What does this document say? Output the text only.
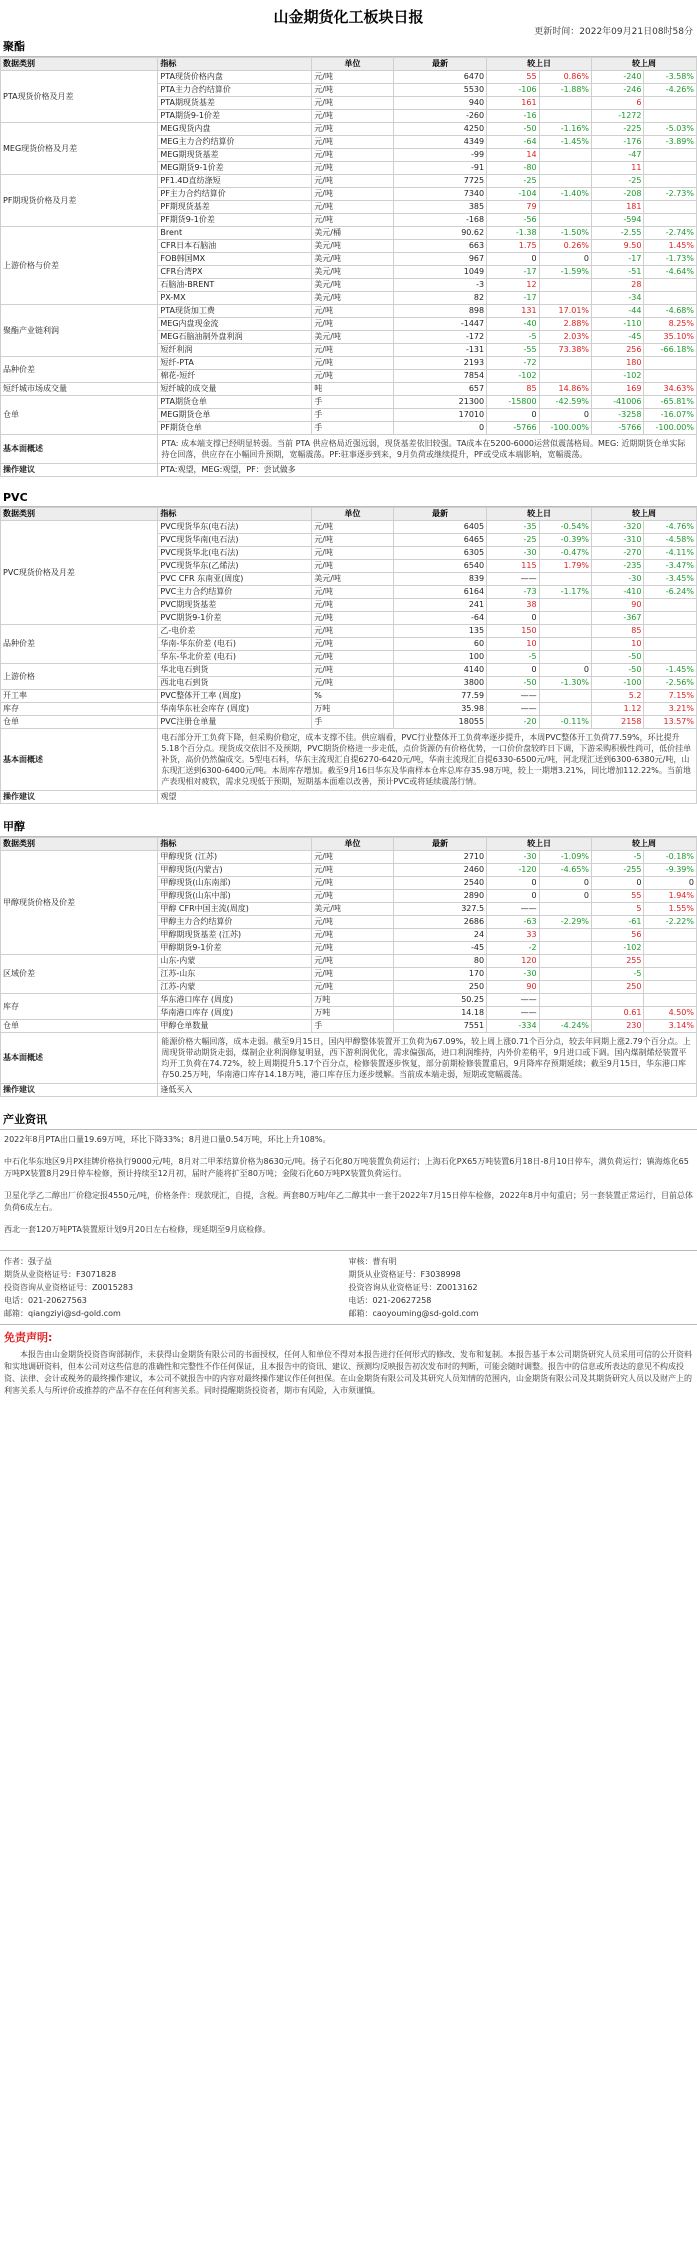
山金期货化工板块日报
更新时间：2022年09月21日08时58分
聚酯
数据类别	指标	单位	最新	较上日		较上周	
PTA现货价格及月差	PTA现货价格内盘	元/吨	6470	55	0.86%	-240	-3.58%
	PTA主力合约结算价	元/吨	5530	-106	-1.88%	-246	-4.26%
	PTA期现货基差	元/吨	940	161		6	
	PTA期货9-1价差	元/吨	-260	-16		-1272	
MEG现货价格及月差	MEG现货内盘	元/吨	4250	-50	-1.16%	-225	-5.03%
	MEG主力合约结算价	元/吨	4349	-64	-1.45%	-176	-3.89%
	MEG期现货基差	元/吨	-99	14		-47	
	MEG期货9-1价差	元/吨	-91	-80		11	
PF期现货价格及月差	PF1.4D直纺涤短	元/吨	7725	-25		-25	
	PF主力合约结算价	元/吨	7340	-104	-1.40%	-208	-2.73%
	PF期现货基差	元/吨	385	79		181	
	PF期货9-1价差	元/吨	-168	-56		-594	
上游价格与价差	Brent	美元/桶	90.62	-1.38	-1.50%	-2.55	-2.74%
	CFR日本石脑油	美元/吨	663	1.75	0.26%	9.50	1.45%
	FOB韩国MX	美元/吨	967	0	0	-17	-1.73%
	CFR台湾PX	美元/吨	1049	-17	-1.59%	-51	-4.64%
	石脑油-BRENT	美元/吨	-3	12		28	
	PX-MX	美元/吨	82	-17		-34	
聚酯产业链利润	PTA现货加工费	元/吨	898	131	17.01%	-44	-4.68%
	MEG内盘现金流	元/吨	-1447	-40	2.88%	-110	8.25%
	MEG石脑油制外盘利润	美元/吨	-172	-5	2.03%	-45	35.10%
	短纤利润	元/吨	-131	-55	73.38%	256	-66.18%
品种价差	短纤-PTA	元/吨	2193	-72		180	
	棉花-短纤	元/吨	7854	-102		-102	
短纤城市场成交量	短纤城的成交量	吨	657	85	14.86%	169	34.63%
仓单	PTA期货仓单	手	21300	-15800	-42.59%	-41006	-65.81%
	MEG期货仓单	手	17010	0	0	-3258	-16.07%
	PF期货仓单	手	0	-5766	-100.00%	-5766	-100.00%
基本面概述	PTA: 成本端支撑已经明显转弱。当前 PTA 供应格局近强远弱，现货基差依旧较强。TA成本在5200-6000运营似震荡格局。MEG: 近期期货仓单实际持仓回落，供应存在小幅回升预期，宽幅震荡。PF:驻事逐步到来，9月负荷或继续提升，PF或受成本端影响，宽幅震荡。						
操作建议	PTA:观望，MEG:观望，PF：尝试做多						
PVC
数据类别	指标	单位	最新	较上日		较上周	
PVC现货价格及月差	PVC现货华东(电石法)	元/吨	6405	-35	-0.54%	-320	-4.76%
	PVC现货华南(电石法)	元/吨	6465	-25	-0.39%	-310	-4.58%
	PVC现货华北(电石法)	元/吨	6305	-30	-0.47%	-270	-4.11%
	PVC现货华东(乙烯法)	元/吨	6540	115	1.79%	-235	-3.47%
	PVC CFR 东南亚(周度)	美元/吨	839	——		-30	-3.45%
	PVC主力合约结算价	元/吨	6164	-73	-1.17%	-410	-6.24%
	PVC期现货基差	元/吨	241	38		90	
	PVC期货9-1价差	元/吨	-64	0		-367	
品种价差	乙-电价差	元/吨	135	150		85	
	华南-华东价差 (电石)	元/吨	60	10		10	
	华东-华北价差 (电石)	元/吨	100	-5		-50	
上游价格	华北电石到货	元/吨	4140	0	0	-50	-1.45%
	西北电石到货	元/吨	3800	-50	-1.30%	-100	-2.56%
开工率	PVC整体开工率 (周度)	%	77.59	——		5.2	7.15%
库存	华南华东社会库存 (周度)	万吨	35.98	——		1.12	3.21%
仓单	PVC注册仓单量	手	18055	-20	-0.11%	2158	13.57%
基本面概述	电石部分开工负荷下降，但采购价稳定，成本支撑不佳。供应端看，PVC行业整体开工负荷率逐步提升，本周PVC整体开工负荷77.59%，环比提升5.18个百分点。现货成交依旧不及预期，PVC期货价格进一步走低，点价货源仍有价格优势，一口价价盘较昨日下调，下游采购积极性尚可，低价挂单补货，高价仍然偏成交。5型电石料，华东主流现汇自提6270-6420元/吨，华南主流现汇自提6330-6500元/吨，河北现汇送到6300-6380元/吨，山东现汇送到6300-6400元/吨。本周库存增加。截至9月16日华东及华南样本仓库总库存35.98万吨，较上一期增3.21%，同比增加112.22%。当前地产表现相对疲软，需求兑现低于预期，短期基本面难以改善，预计PVC或将延续震荡行情。						
操作建议	观望						
甲醇
数据类别	指标	单位	最新	较上日		较上周	
甲醇现货价格及价差	甲醇现货 (江苏)	元/吨	2710	-30	-1.09%	-5	-0.18%
	甲醇现货(内蒙古)	元/吨	2460	-120	-4.65%	-255	-9.39%
	甲醇现货(山东南部)	元/吨	2540	0	0	0	0
	甲醇现货(山东中部)	元/吨	2890	0	0	55	1.94%
	甲醇 CFR中国主流(周度)	美元/吨	327.5	——		5	1.55%
	甲醇主力合约结算价	元/吨	2686	-63	-2.29%	-61	-2.22%
	甲醇期现货基差 (江苏)	元/吨	24	33		56	
	甲醇期货9-1价差	元/吨	-45	-2		-102	
区域价差	山东-内蒙	元/吨	80	120		255	
	江苏-山东	元/吨	170	-30		-5	
	江苏-内蒙	元/吨	250	90		250	
库存	华东港口库存 (周度)	万吨	50.25	——			
	华南港口库存 (周度)	万吨	14.18	——		0.61	4.50%
仓单	甲醇仓单数量	手	7551	-334	-4.24%	230	3.14%
基本面概述	能源价格大幅回落，成本走弱。截至9月15日，国内甲醇整体装置开工负荷为67.09%，较上周上涨0.71个百分点，较去年同期上涨2.79个百分点。上周现货带动期货走弱，煤制企业利润修复明显，西下游利润优化，需求偏强高，进口利润维持，内外价差稍平，9月进口或下调。国内煤制烯烃装置平均开工负荷在74.72%，较上周期提升5.17个百分点，检修装置逐步恢复，部分前期检修装置重启，9月降库存预期延续；截至9月15日，华东港口库存50.25万吨，华南港口库存14.18万吨，港口库存压力逐步缓解。当前成本端走弱，短期或宽幅震荡。						
操作建议	逢低买入						
产业资讯

2022年8月PTA出口量19.69万吨，环比下降33%；8月进口量0.54万吨，环比上升108%。

中石化华东地区9月PX挂牌价格执行9000元/吨，8月对二甲苯结算价格为8630元/吨。扬子石化80万吨装置负荷运行；上海石化PX65万吨装置6月18日-8月10日停车，满负荷运行；镇海炼化65万吨PX装置8月29日停车检修，预计持续至12月初，届时产能将扩至80万吨；金陵石化60万吨PX装置负荷运行。

卫星化学乙二醇出厂价稳定报4550元/吨，价格条件：现款现汇，自提，含税。两套80万吨/年乙二醇其中一套于2022年7月15日停车检修，2022年8月中旬重启；另一套装置正常运行，目前总体负荷6成左右。

西北一套120万吨PTA装置原计划9月20日左右检修，现延期至9月底检修。

作者：强子益
期货从业资格证号：F3071828
投资咨询从业资格证号：Z0015283
电话：021-20627563
邮箱：qiangziyi@sd-gold.com
审核：曹有明
期货从业资格证号：F3038998
投资咨询从业资格证号：Z0013162
电话：021-20627258
邮箱：caoyouming@sd-gold.com
免责声明:
本报告由山金期货投资咨询部制作，未获得山金期货有限公司的书面授权，任何人和单位不得对本报告进行任何形式的修改、发布和复制。本报告基于本公司期货研究人员采用可信的公开资料和实地调研资料，但本公司对这些信息的准确性和完整性不作任何保证，且本报告中的资讯、建议、预测均反映报告初次发布时的判断，可能会随时调整。报告中的信息或所表达的意见不构成投资、法律、会计或税务的最终操作建议，本公司不就报告中的内容对最终操作建议作任何担保。在山金期货有限公司及其研究人员知情的范围内，山金期货有限公司及其期货研究人员以及财产上的利害关系人与所评价或推荐的产品不存在任何利害关系。同时提醒期货投资者，期市有风险，入市须谨慎。
